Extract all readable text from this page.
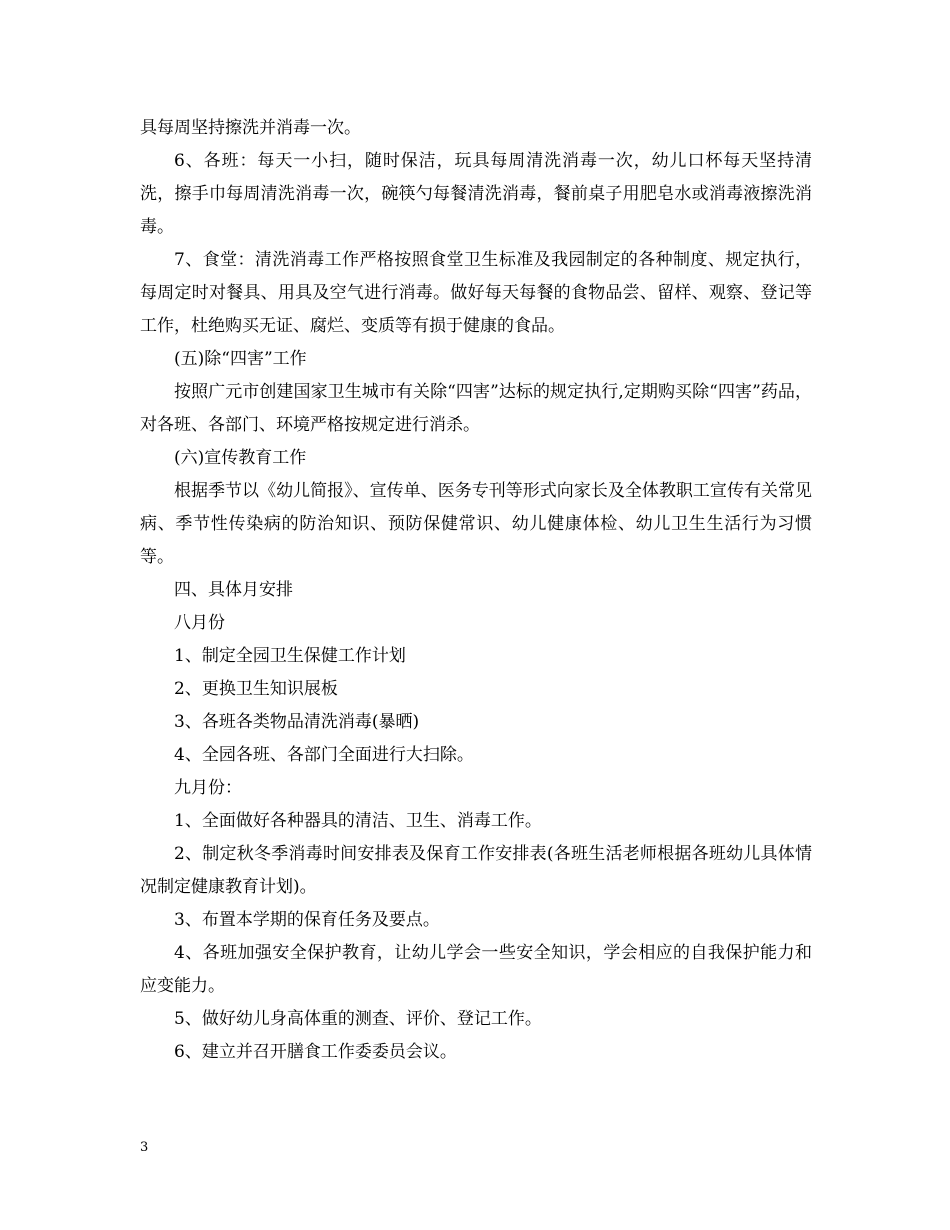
具每周坚持擦洗并消毒一次。

6、各班：每天一小扫，随时保洁，玩具每周清洗消毒一次，幼儿口杯每天坚持清洗，擦手巾每周清洗消毒一次，碗筷勺每餐清洗消毒，餐前桌子用肥皂水或消毒液擦洗消毒。

7、食堂：清洗消毒工作严格按照食堂卫生标准及我园制定的各种制度、规定执行，每周定时对餐具、用具及空气进行消毒。做好每天每餐的食物品尝、留样、观察、登记等工作，杜绝购买无证、腐烂、变质等有损于健康的食品。

(五)除“四害”工作

按照广元市创建国家卫生城市有关除“四害”达标的规定执行,定期购买除“四害”药品，对各班、各部门、环境严格按规定进行消杀。

(六)宣传教育工作

根据季节以《幼儿简报》、宣传单、医务专刊等形式向家长及全体教职工宣传有关常见病、季节性传染病的防治知识、预防保健常识、幼儿健康体检、幼儿卫生生活行为习惯等。

四、具体月安排

八月份

1、制定全园卫生保健工作计划

2、更换卫生知识展板

3、各班各类物品清洗消毒(暴晒)

4、全园各班、各部门全面进行大扫除。

九月份：

1、全面做好各种器具的清洁、卫生、消毒工作。

2、制定秋冬季消毒时间安排表及保育工作安排表(各班生活老师根据各班幼儿具体情况制定健康教育计划)。

3、布置本学期的保育任务及要点。

4、各班加强安全保护教育，让幼儿学会一些安全知识，学会相应的自我保护能力和应变能力。

5、做好幼儿身高体重的测查、评价、登记工作。

6、建立并召开膳食工作委委员会议。

3
